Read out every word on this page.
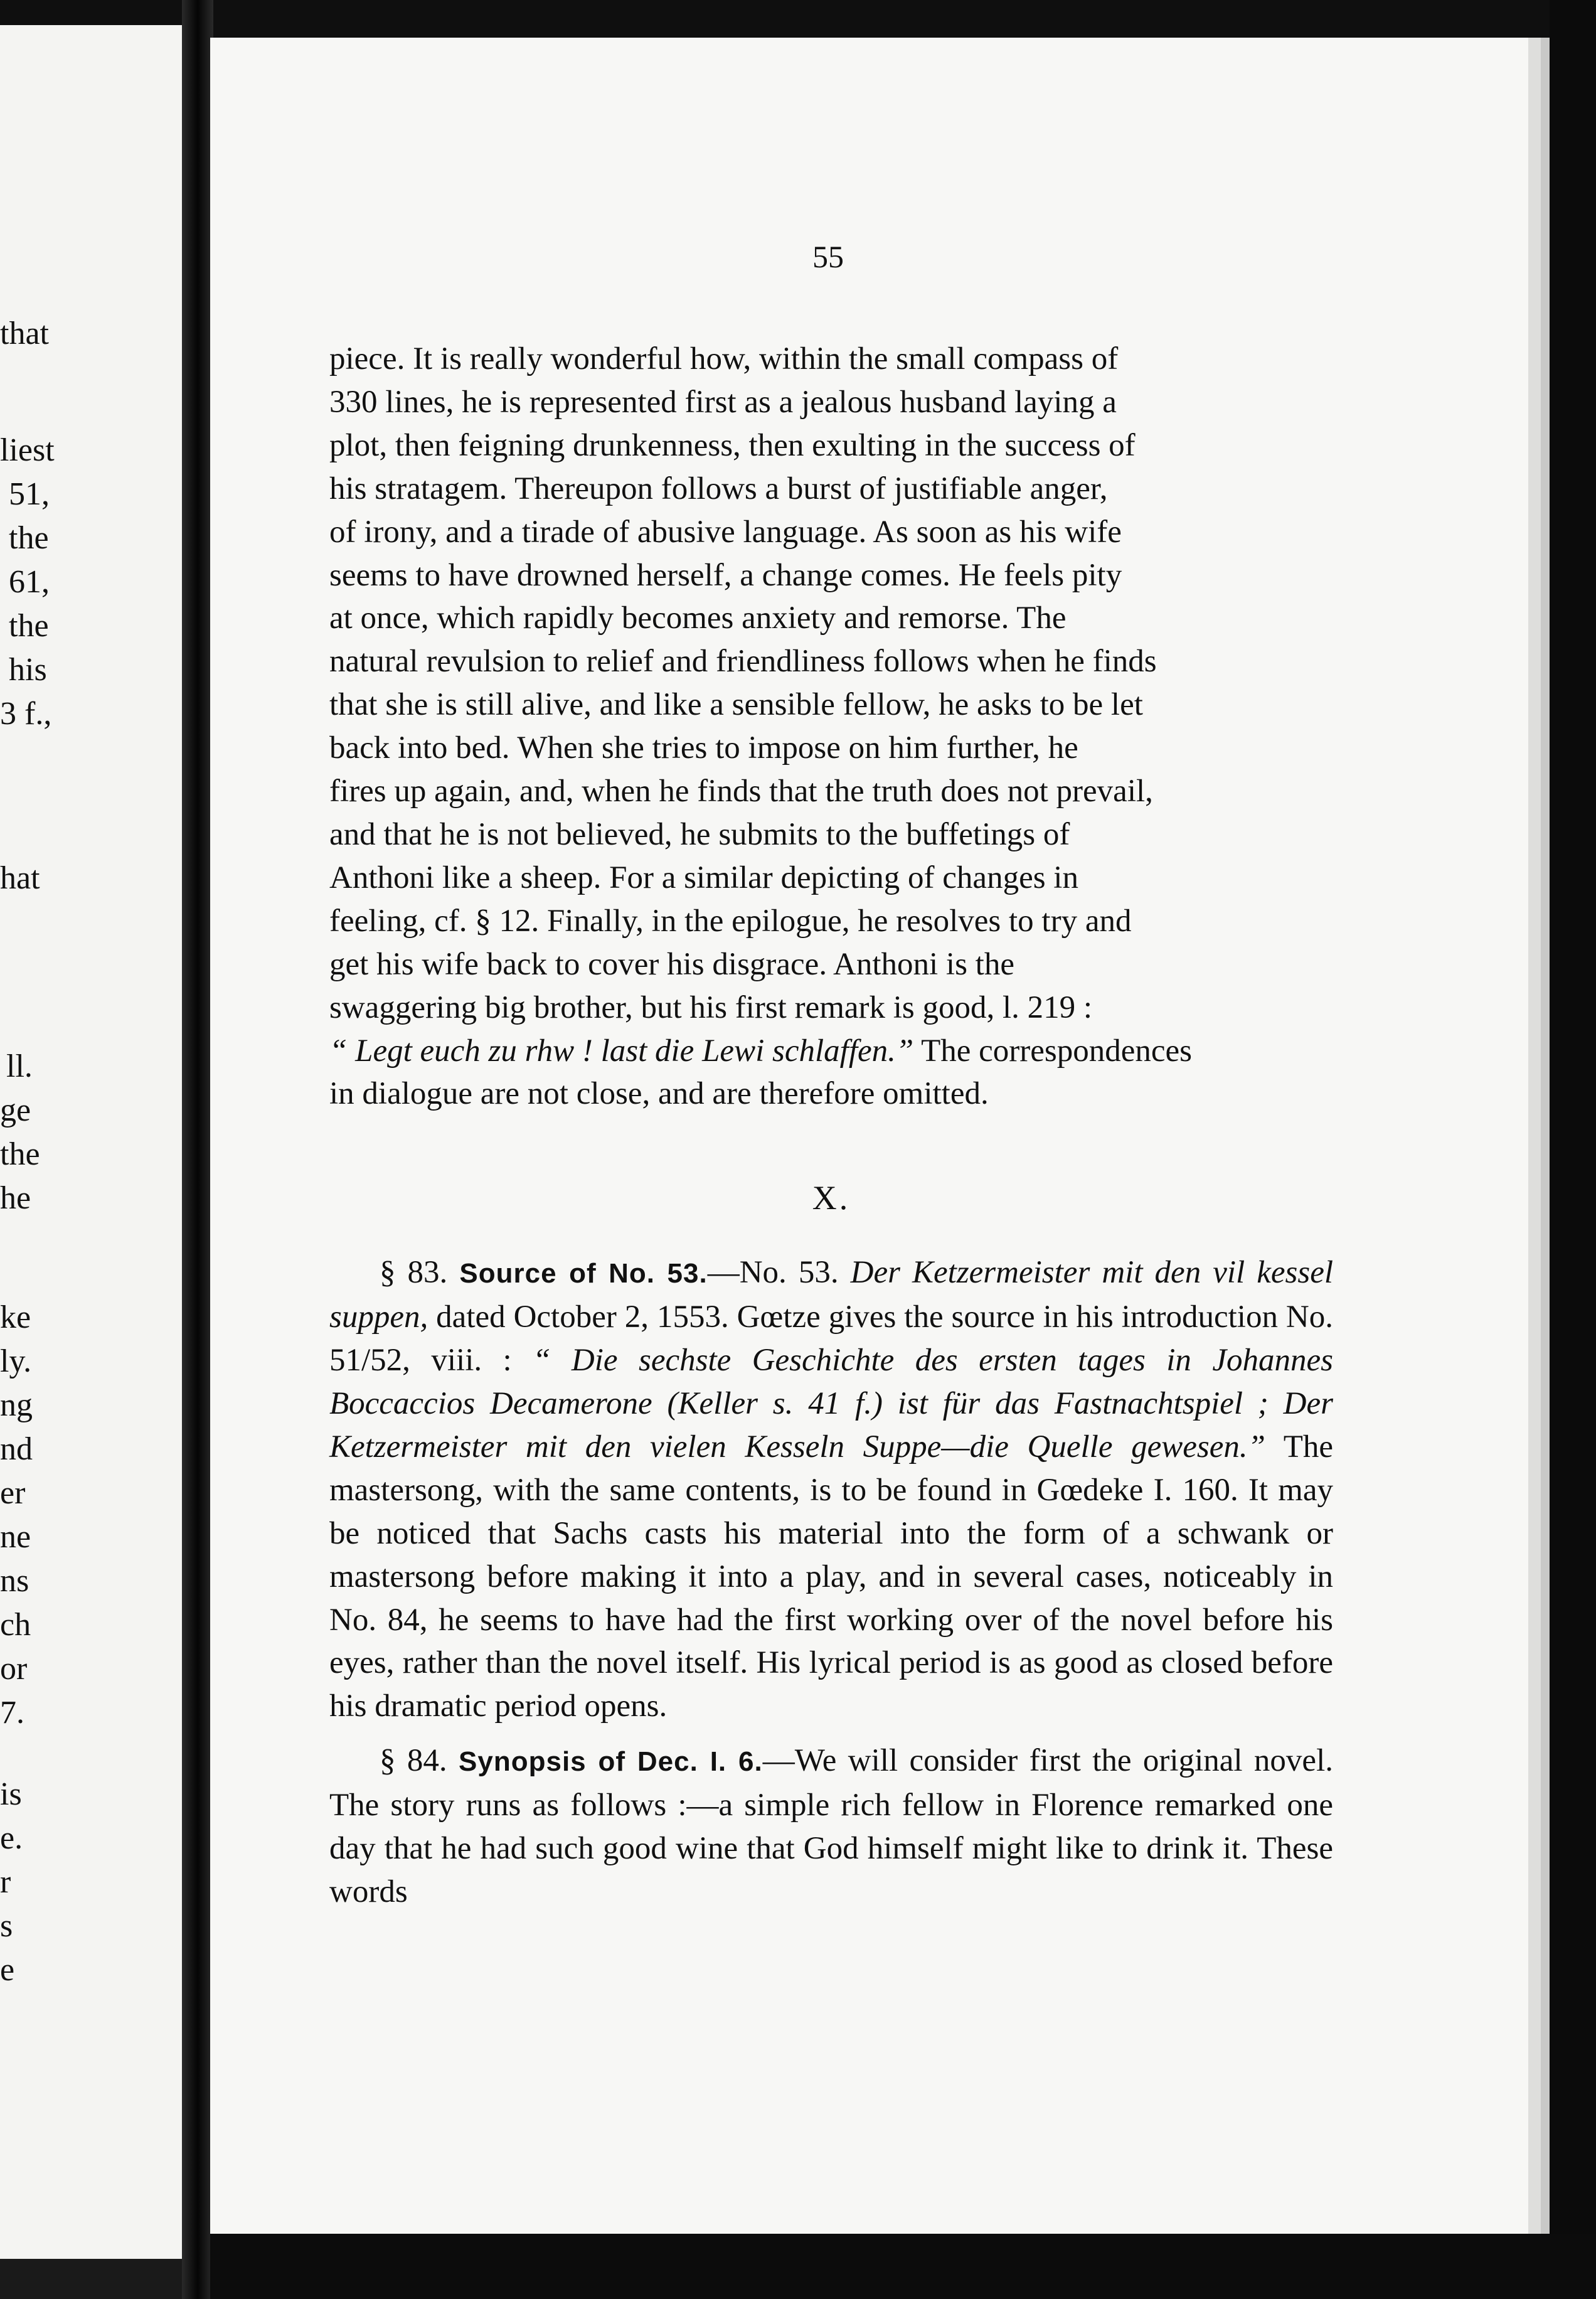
that
liest
51,
the
61,
the
his
3 f.,
hat
ll.
ge
the
he
ke
ly.
ng
nd
er
ne
ns
ch
or
7.
is
e.
r
s
e
55

piece. It is really wonderful how, within the small compass of

330 lines, he is represented first as a jealous husband laying a

plot, then feigning drunkenness, then exulting in the success of

his stratagem. Thereupon follows a burst of justifiable anger,

of irony, and a tirade of abusive language. As soon as his wife

seems to have drowned herself, a change comes. He feels pity

at once, which rapidly becomes anxiety and remorse. The

natural revulsion to relief and friendliness follows when he finds

that she is still alive, and like a sensible fellow, he asks to be let

back into bed. When she tries to impose on him further, he

fires up again, and, when he finds that the truth does not prevail,

and that he is not believed, he submits to the buffetings of

Anthoni like a sheep. For a similar depicting of changes in

feeling, cf. § 12. Finally, in the epilogue, he resolves to try and

get his wife back to cover his disgrace. Anthoni is the

swaggering big brother, but his first remark is good, l. 219 :

“ Legt euch zu rhw ! last die Lewi schlaffen.” The correspondences

in dialogue are not close, and are therefore omitted.

X.

§ 83. Source of No. 53.—No. 53. Der Ketzermeister mit den vil kessel suppen, dated October 2, 1553. Gœtze gives the source in his introduction No. 51/52, viii. : “ Die sechste Geschichte des ersten tages in Johannes Boccaccios Decamerone (Keller s. 41 f.) ist für das Fastnachtspiel ; Der Ketzermeister mit den vielen Kesseln Suppe—die Quelle gewesen.” The mastersong, with the same contents, is to be found in Gœdeke I. 160. It may be noticed that Sachs casts his material into the form of a schwank or mastersong before making it into a play, and in several cases, noticeably in No. 84, he seems to have had the first working over of the novel before his eyes, rather than the novel itself. His lyrical period is as good as closed before his dramatic period opens.

§ 84. Synopsis of Dec. I. 6.—We will consider first the original novel. The story runs as follows :—a simple rich fellow in Florence remarked one day that he had such good wine that God himself might like to drink it. These words
